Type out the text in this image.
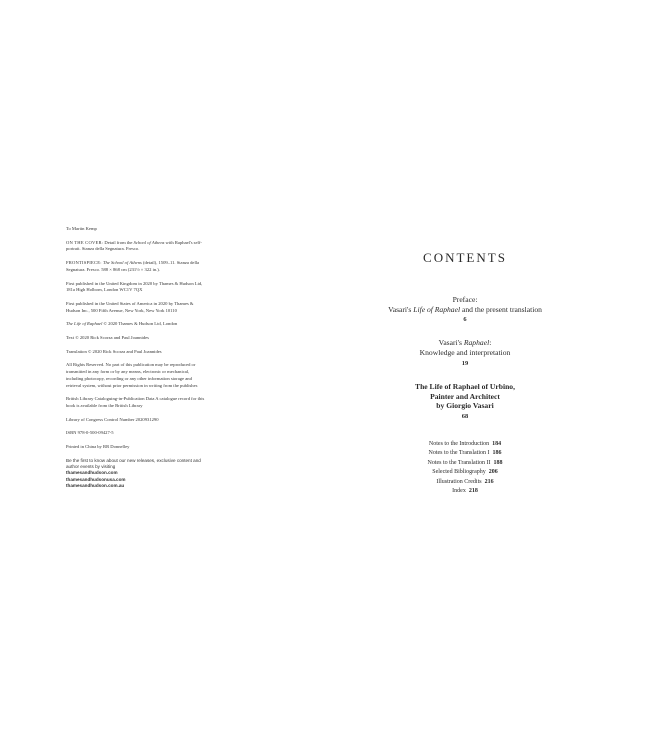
To Martin Kemp

ON THE COVER: Detail from the School of Athens with Raphael's self-portrait. Stanza della Segnatura. Fresco.

FRONTISPIECE: The School of Athens (detail), 1509–11. Stanza della Segnatura. Fresco. 588 × 868 cm (231½ × 322 in.).

First published in the United Kingdom in 2020 by Thames & Hudson Ltd, 181a High Holborn, London WC1V 7QX

First published in the United States of America in 2020 by Thames & Hudson Inc., 500 Fifth Avenue, New York, New York 10110

The Life of Raphael © 2020 Thames & Hudson Ltd, London

Text © 2020 Rick Scorza and Paul Joannides

Translation © 2020 Rick Scorza and Paul Joannides

All Rights Reserved. No part of this publication may be reproduced or transmitted in any form or by any means, electronic or mechanical, including photocopy, recording or any other information storage and retrieval system, without prior permission in writing from the publisher.

British Library Cataloguing-in-Publication Data A catalogue record for this book is available from the British Library

Library of Congress Control Number 2020931290

ISBN 978-0-500-09427-5

Printed in China by RR Donnelley

Be the first to know about our new releases, exclusive content and author events by visiting
thamesandhudson.com
thamesandhudsonusa.com
thamesandhudson.com.au

CONTENTS
Preface:
Vasari's Life of Raphael and the present translation
6
Vasari's Raphael:
Knowledge and interpretation
19
The Life of Raphael of Urbino,
Painter and Architect
by Giorgio Vasari
68
Notes to the Introduction 184
Notes to the Translation I 186
Notes to the Translation II 188
Selected Bibliography 206
Illustration Credits 216
Index 218
